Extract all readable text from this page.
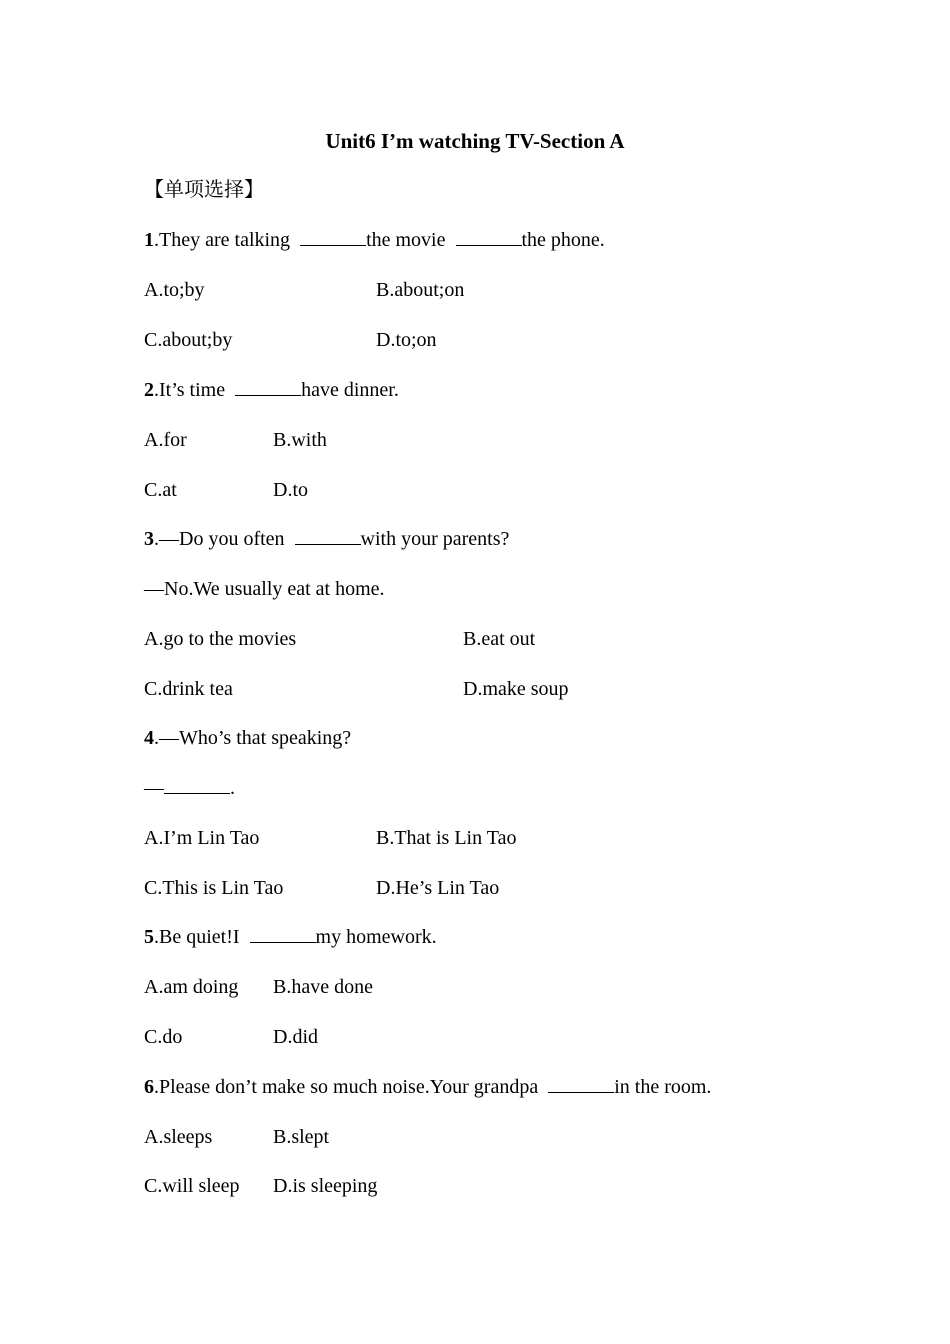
Unit6 I’m watching TV-Section A
【单项选择】
1.They are talking	the movie	the phone.
A.to;by	B.about;on
C.about;by	D.to;on
2.It’s time	have dinner.
A.for	B.with
C.at	D.to
3.—Do you often	with your parents?
—No.We usually eat at home.
A.go to the movies	B.eat out
C.drink tea	D.make soup
4.—Who’s that speaking?
—	.
A.I’m Lin Tao	B.That is Lin Tao
C.This is Lin Tao	D.He’s Lin Tao
5.Be quiet!I	my homework.
A.am doing B.have done
C.do	D.did
6.Please don’t make so much noise.Your grandpa	in the room.
A.sleeps	B.slept
C.will sleep D.is sleeping
